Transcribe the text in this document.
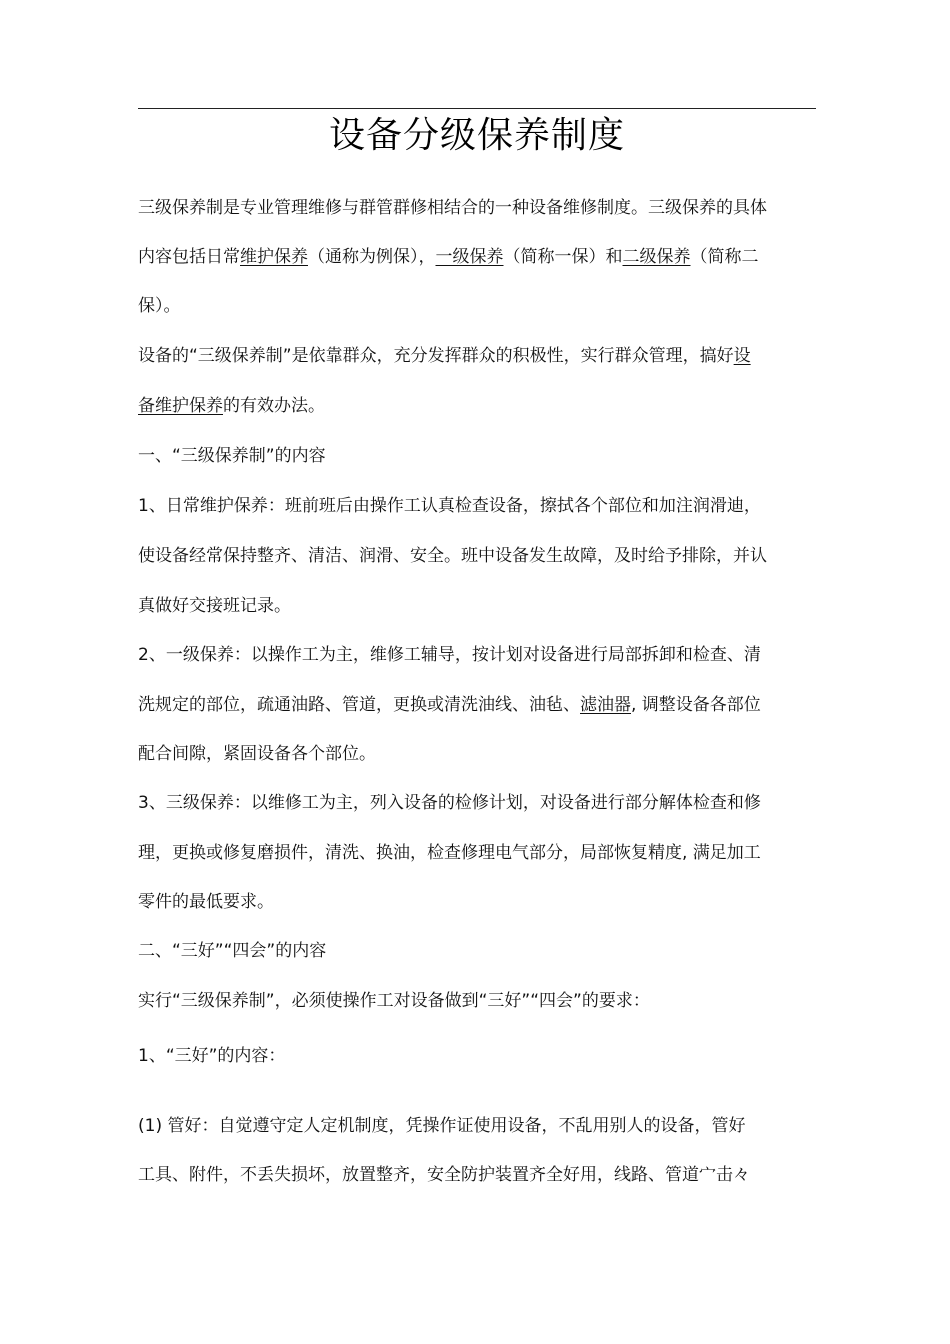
设备分级保养制度
三级保养制是专业管理维修与群管群修相结合的一种设备维修制度。三级保养的具体
内容包括日常维护保养（通称为例保），一级保养（简称一保）和二级保养（简称二
保）。
设备的“三级保养制”是依靠群众，充分发挥群众的积极性，实行群众管理，搞好设
备维护保养的有效办法。
一、“三级保养制”的内容
1、日常维护保养：班前班后由操作工认真检查设备，擦拭各个部位和加注润滑迪，
使设备经常保持整齐、清洁、润滑、安全。班中设备发生故障，及时给予排除，并认
真做好交接班记录。
2、一级保养：以操作工为主，维修工辅导，按计划对设备进行局部拆卸和检查、清
洗规定的部位，疏通油路、管道，更换或清洗油线、油毡、滤油器, 调整设备各部位
配合间隙，紧固设备各个部位。
3、三级保养：以维修工为主，列入设备的检修计划，对设备进行部分解体检查和修
理，更换或修复磨损件，清洗、换油，检查修理电气部分，局部恢复精度, 满足加工
零件的最低要求。
二、“三好”“四会”的内容
实行“三级保养制”，必须使操作工对设备做到“三好”“四会”的要求：
1、“三好”的内容：
(1) 管好：自觉遵守定人定机制度，凭操作证使用设备，不乱用别人的设备，管好
工具、附件，不丢失损坏，放置整齐，安全防护装置齐全好用，线路、管道宀击々
